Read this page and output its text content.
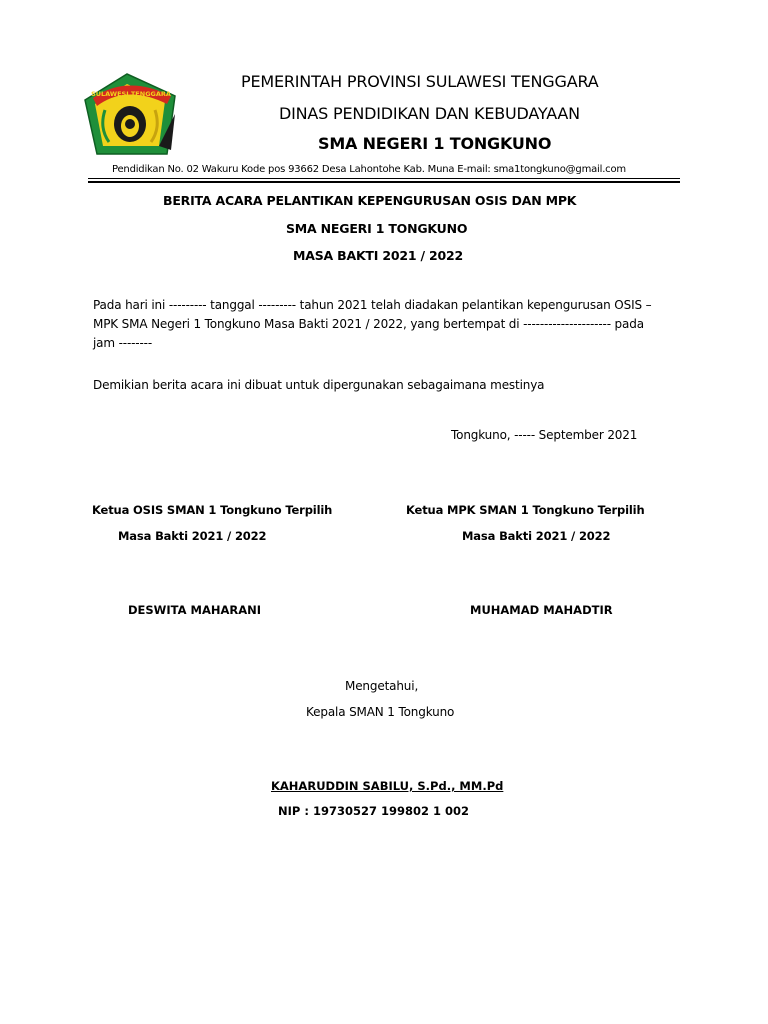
SULAWESI TENGGARA
PEMERINTAH PROVINSI SULAWESI TENGGARA
DINAS PENDIDIKAN DAN KEBUDAYAAN
SMA NEGERI 1 TONGKUNO
Pendidikan No. 02 Wakuru Kode pos 93662 Desa Lahontohe Kab. Muna E-mail: sma1tongkuno@gmail.com
BERITA ACARA PELANTIKAN KEPENGURUSAN OSIS DAN MPK
SMA NEGERI 1 TONGKUNO
MASA BAKTI 2021 / 2022
Pada hari ini --------- tanggal --------- tahun 2021 telah diadakan pelantikan kepengurusan OSIS –
MPK SMA Negeri 1 Tongkuno Masa Bakti 2021 / 2022, yang bertempat di --------------------- pada
jam --------
Demikian berita acara ini dibuat untuk dipergunakan sebagaimana mestinya
Tongkuno, ----- September 2021
Ketua OSIS SMAN 1 Tongkuno Terpilih
Masa Bakti 2021 / 2022
DESWITA MAHARANI
Ketua MPK SMAN 1 Tongkuno Terpilih
Masa Bakti 2021 / 2022
MUHAMAD MAHADTIR
Mengetahui,
Kepala SMAN 1 Tongkuno
KAHARUDDIN SABILU, S.Pd., MM.Pd
NIP : 19730527 199802 1 002
